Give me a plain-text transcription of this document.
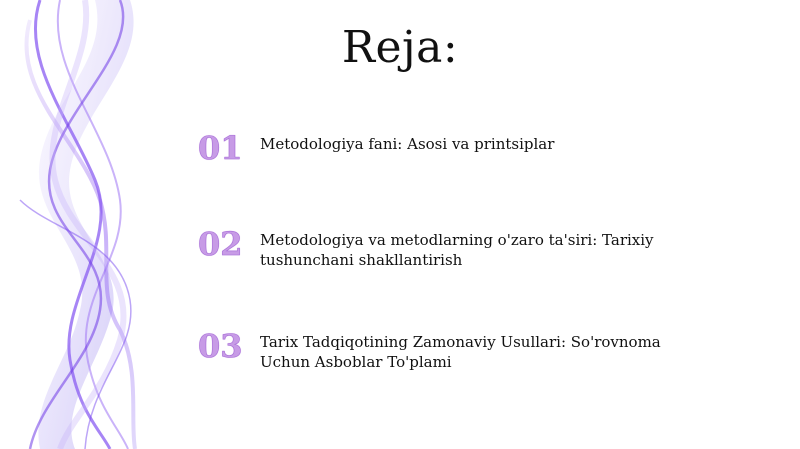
Reja:
01	Metodologiya fani: Asosi va printsiplar
02	Metodologiya va metodlarning o'zaro ta'siri: Tarixiy tushunchani shakllantirish
03	Tarix Tadqiqotining Zamonaviy Usullari: So'rovnoma Uchun Asboblar To'plami
